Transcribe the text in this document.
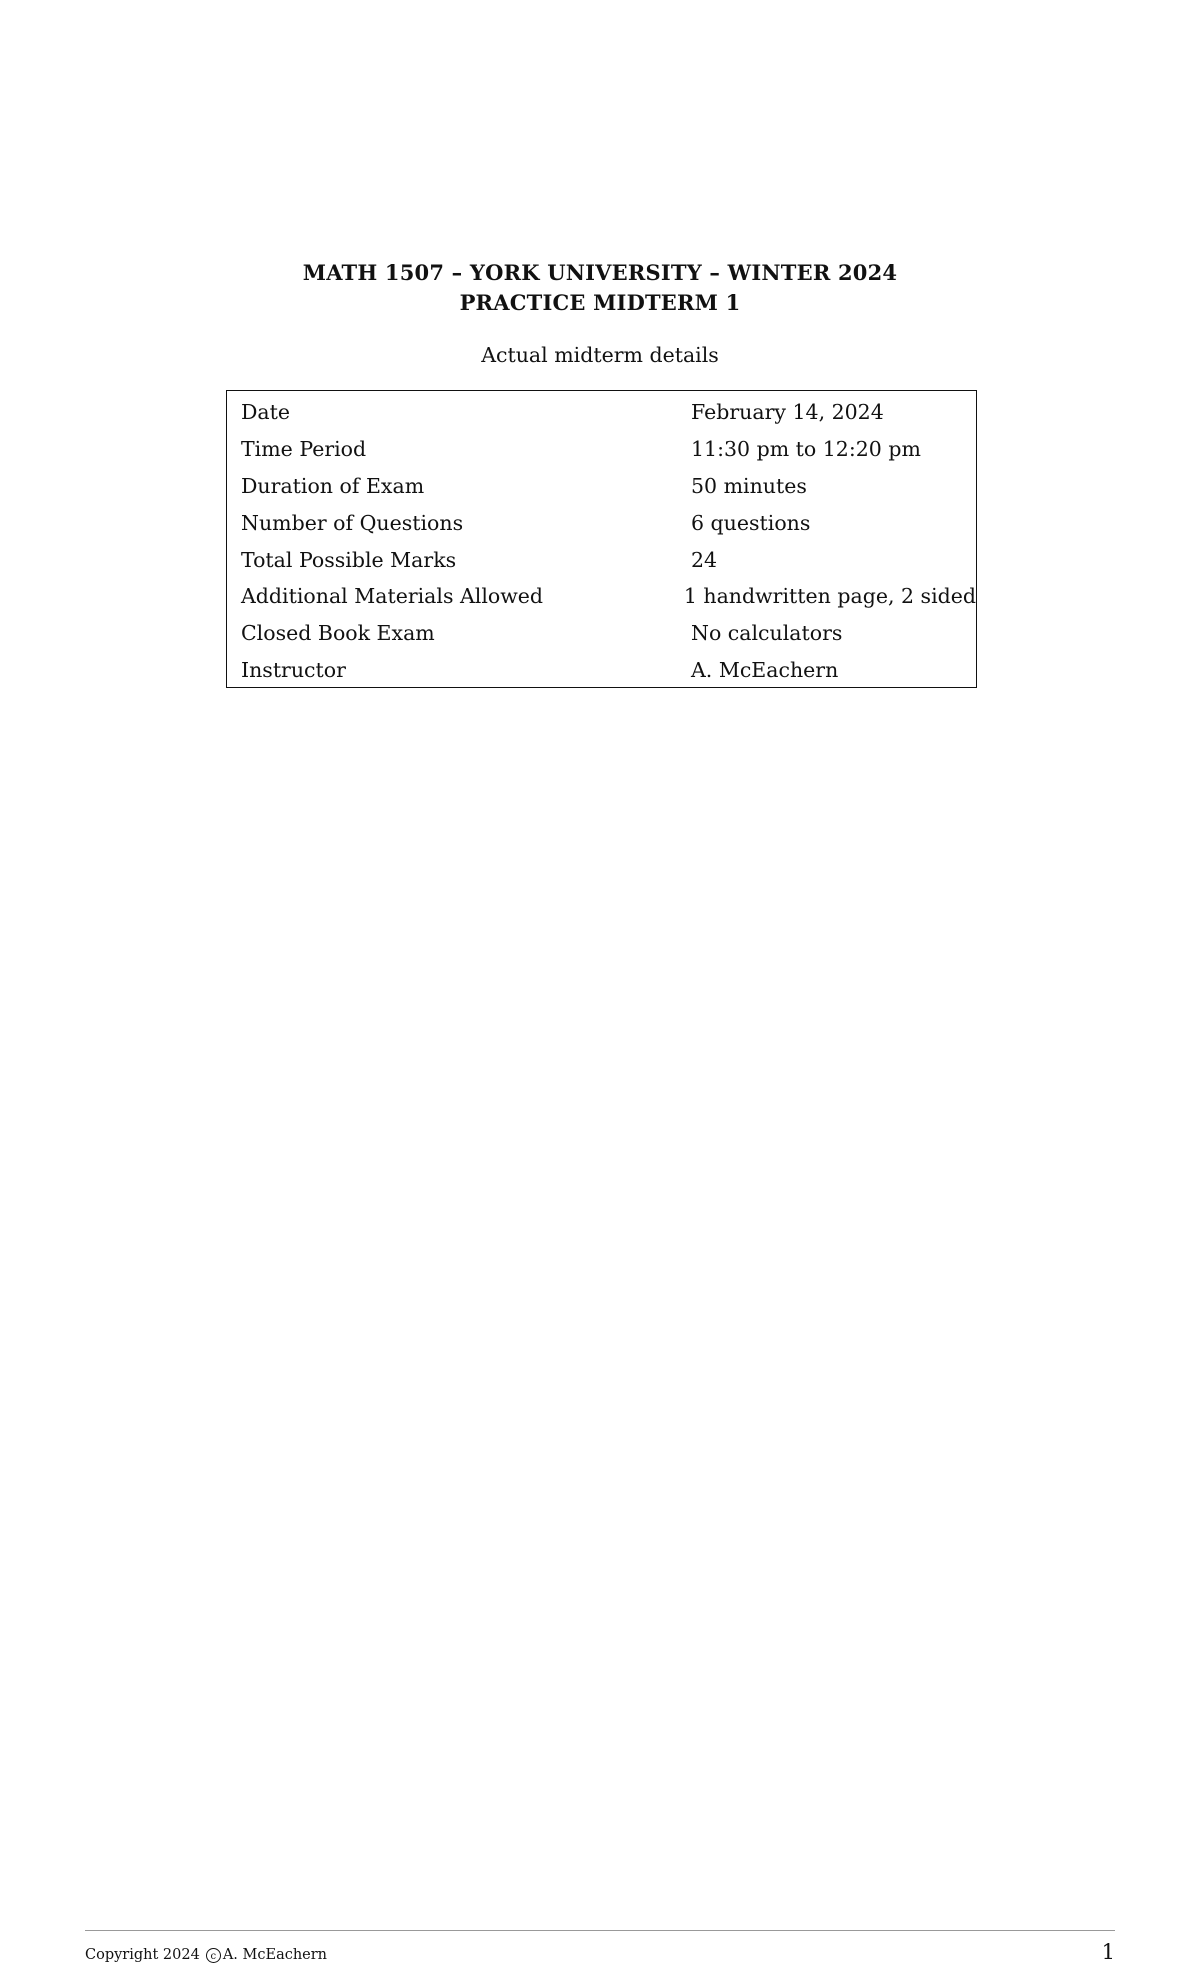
MATH 1507 – YORK UNIVERSITY – WINTER 2024
PRACTICE MIDTERM 1
Actual midterm details
Date	February 14, 2024
Time Period	11:30 pm to 12:20 pm
Duration of Exam	50 minutes
Number of Questions	6 questions
Total Possible Marks	24
Additional Materials Allowed	1 handwritten page, 2 sided
Closed Book Exam	No calculators
Instructor	A. McEachern
Copyright 2024	c A. McEachern	1
